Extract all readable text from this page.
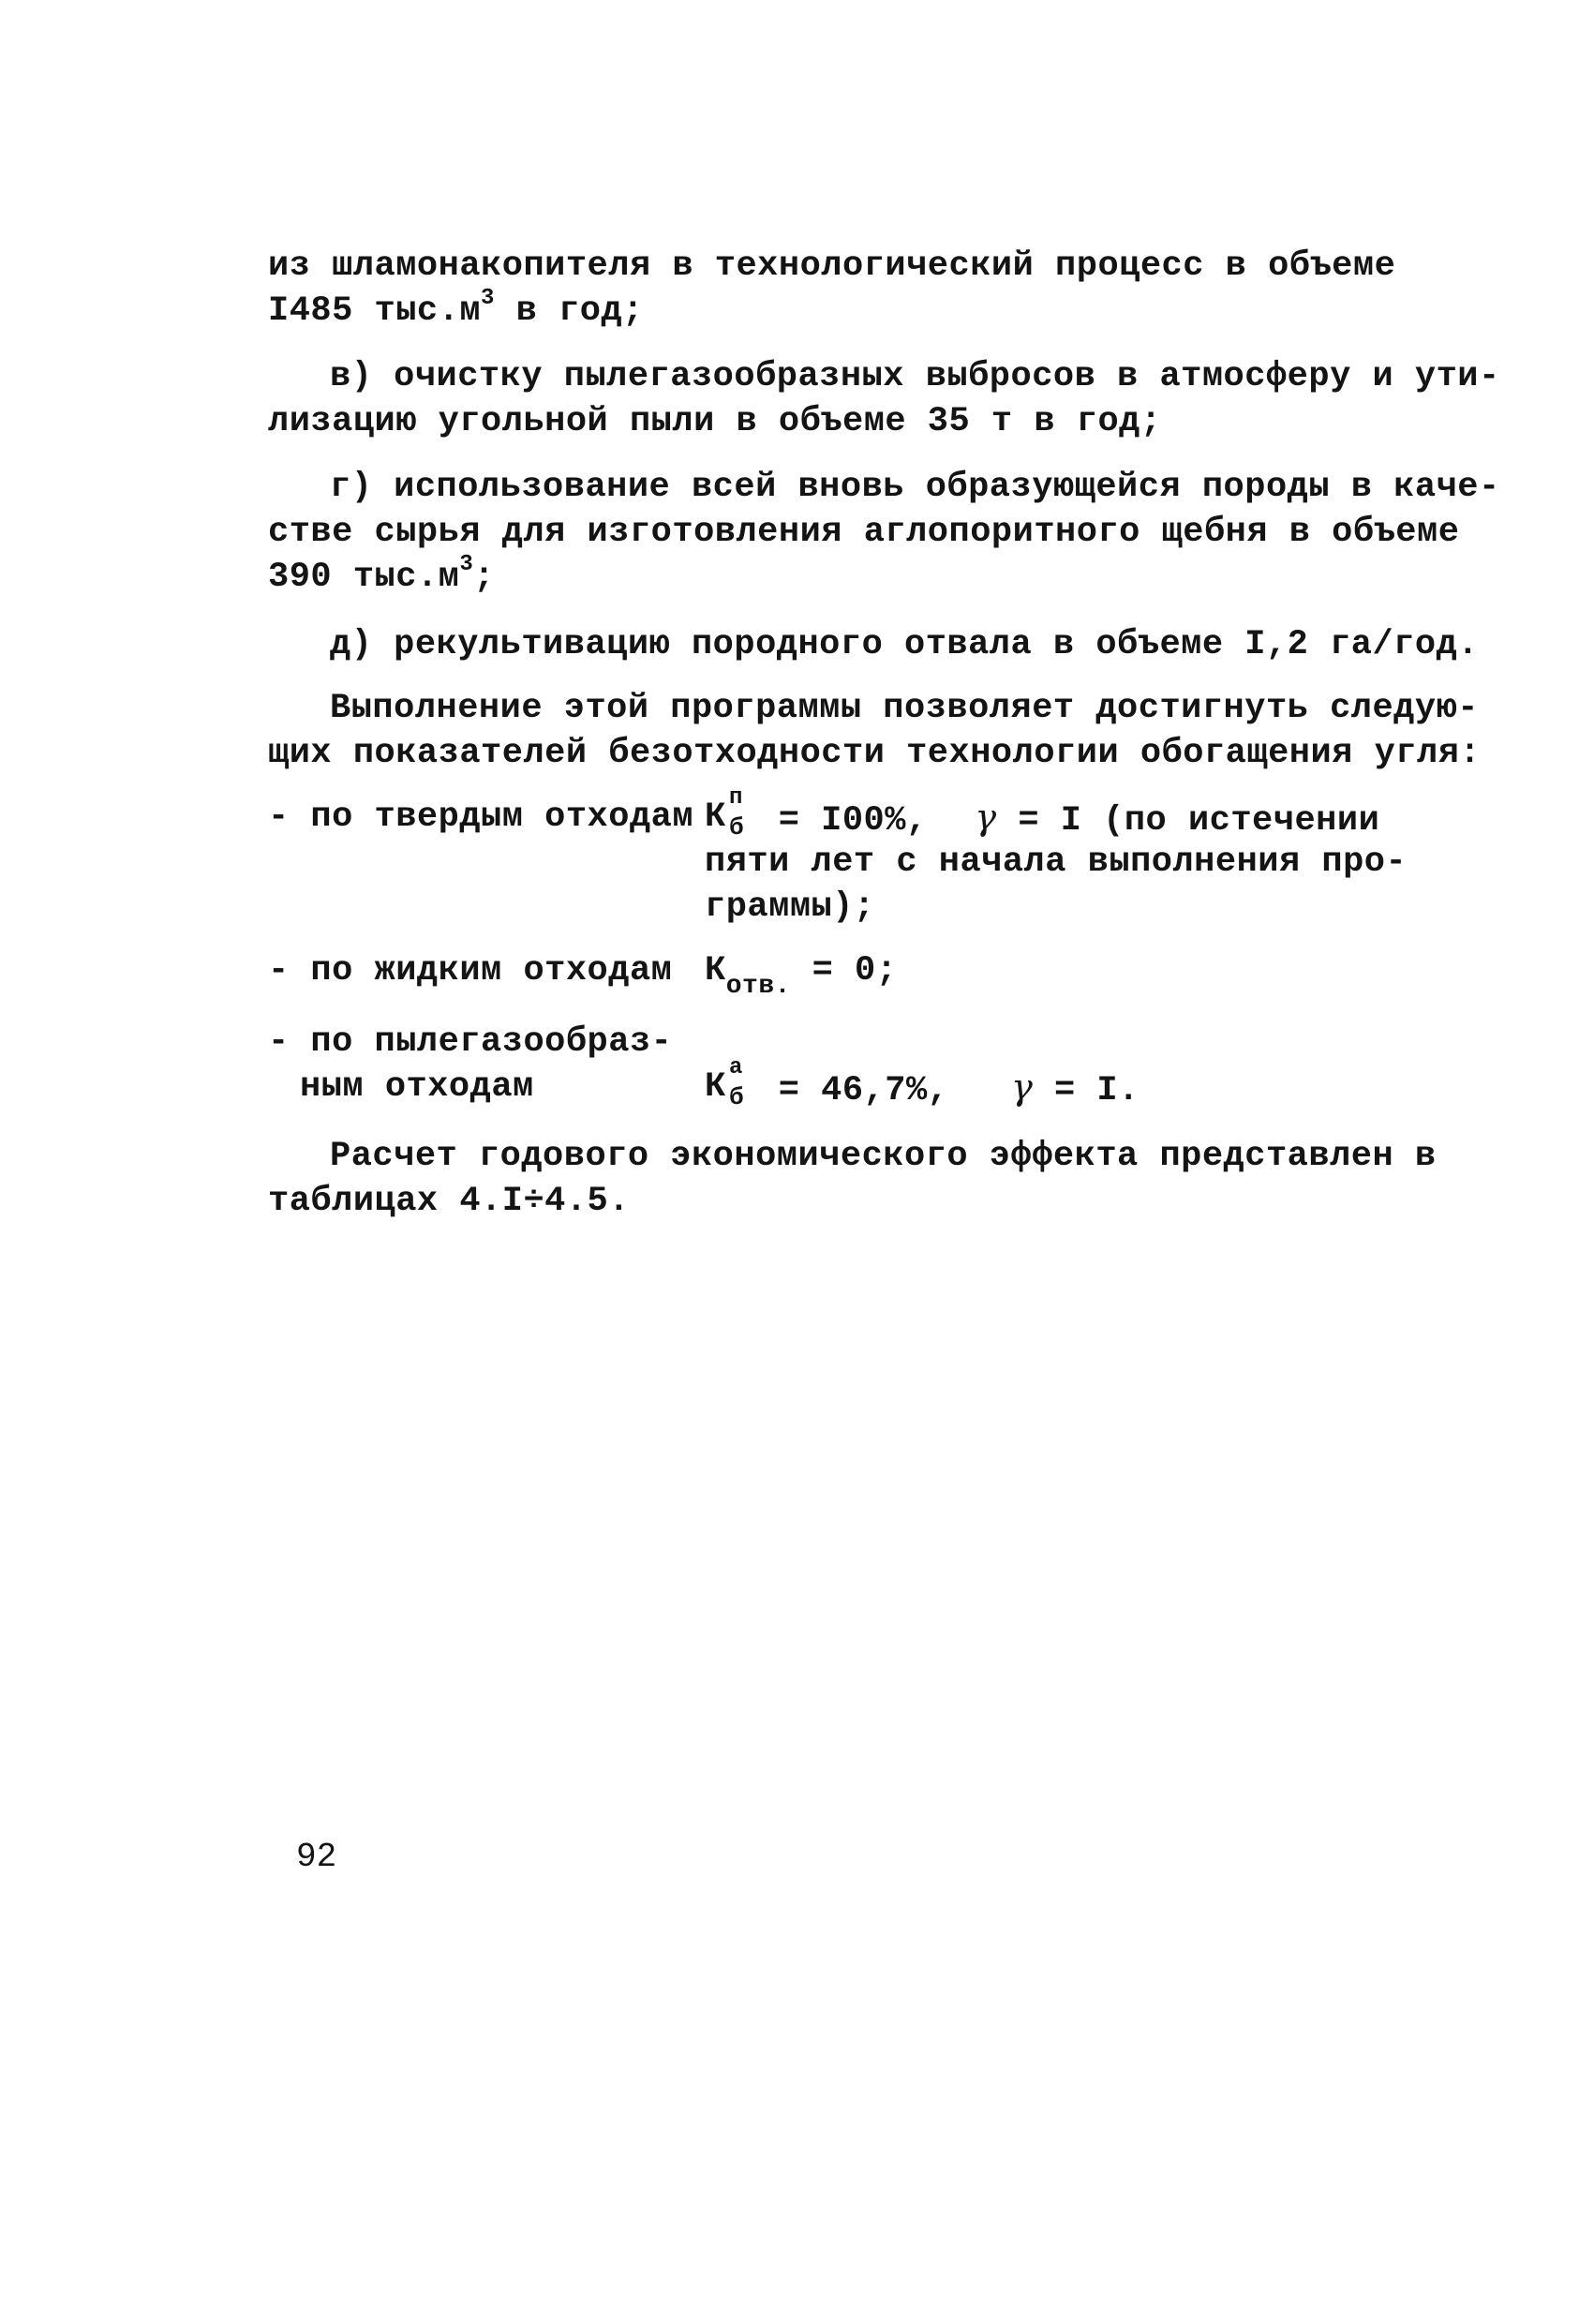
из шламонакопителя в технологический процесс в объеме
I485 $тыс.м^3$ в год;
в) очистку пылегазообразных выбросов в атмосферу и ути-
лизацию угольной пыли в объеме 35 т в год;
г) использование всей вновь образующейся породы в каче-
стве сырья для изготовления аглопоритного щебня в объеме
390 $тыс.м^3$;
д) рекультивацию породного отвала в объеме I,2 га/год.
Выполнение этой программы позволяет достигнуть следую-
щих показателей безотходности технологии обогащения угля:
- по твердым отходам К п
б = I00%, γ = I (по истечении
пяти лет с начала выполнения про-
граммы);
- по жидким отходам $К_{отв.} = 0$;
- по пылегазообраз-
ным отходам	К а
б = 46,7%, γ = I.
Расчет годового экономического эффекта представлен в
таблицах 4.I÷4.5.
92
